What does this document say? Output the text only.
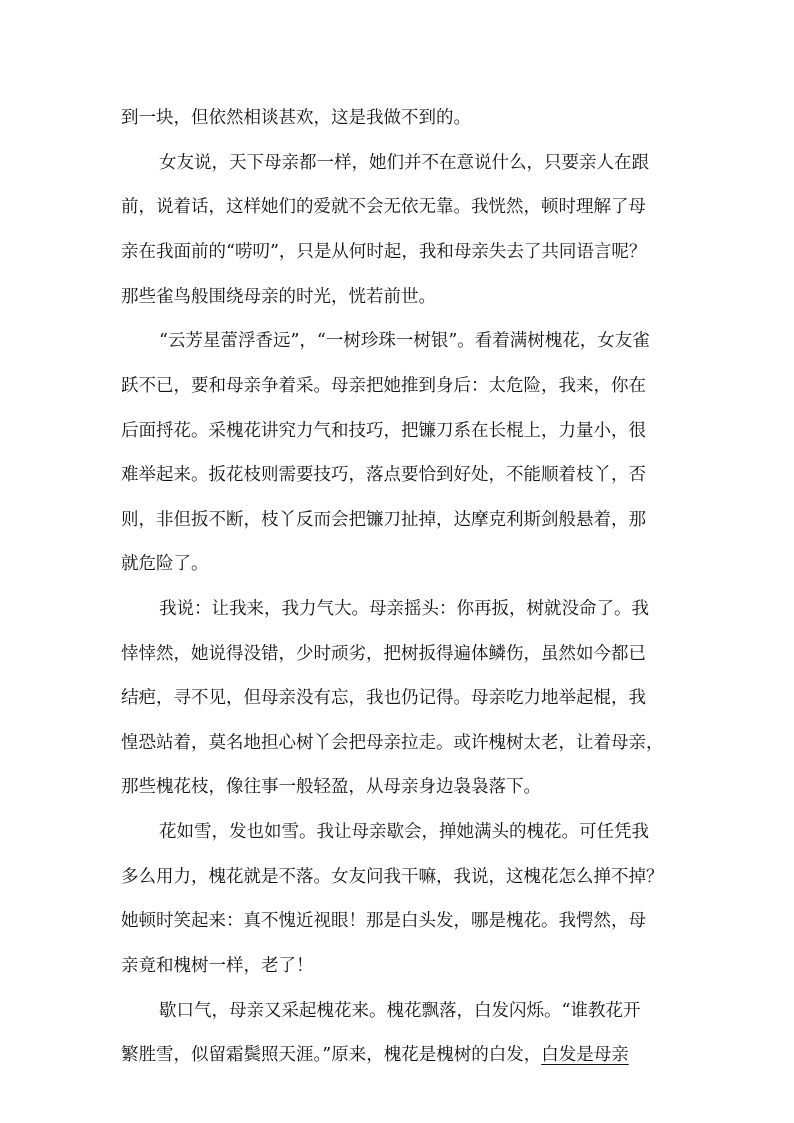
到一块，但依然相谈甚欢，这是我做不到的。
女友说，天下母亲都一样，她们并不在意说什么，只要亲人在跟
前，说着话，这样她们的爱就不会无依无靠。我恍然，顿时理解了母
亲在我面前的“唠叨”，只是从何时起，我和母亲失去了共同语言呢？
那些雀鸟般围绕母亲的时光，恍若前世。
“云芳星蕾浮香远”，“一树珍珠一树银”。看着满树槐花，女友雀
跃不已，要和母亲争着采。母亲把她推到身后：太危险，我来，你在
后面捋花。采槐花讲究力气和技巧，把镰刀系在长棍上，力量小，很
难举起来。扳花枝则需要技巧，落点要恰到好处，不能顺着枝丫，否
则，非但扳不断，枝丫反而会把镰刀扯掉，达摩克利斯剑般悬着，那
就危险了。
我说：让我来，我力气大。母亲摇头：你再扳，树就没命了。我
悻悻然，她说得没错，少时顽劣，把树扳得遍体鳞伤，虽然如今都已
结疤，寻不见，但母亲没有忘，我也仍记得。母亲吃力地举起棍，我
惶恐站着，莫名地担心树丫会把母亲拉走。或许槐树太老，让着母亲，
那些槐花枝，像往事一般轻盈，从母亲身边袅袅落下。
花如雪，发也如雪。我让母亲歇会，掸她满头的槐花。可任凭我
多么用力，槐花就是不落。女友问我干嘛，我说，这槐花怎么掸不掉？
她顿时笑起来：真不愧近视眼！那是白头发，哪是槐花。我愕然，母
亲竟和槐树一样，老了！
歇口气，母亲又采起槐花来。槐花飘落，白发闪烁。“谁教花开
繁胜雪，似留霜鬓照天涯。”原来，槐花是槐树的白发，白发是母亲
